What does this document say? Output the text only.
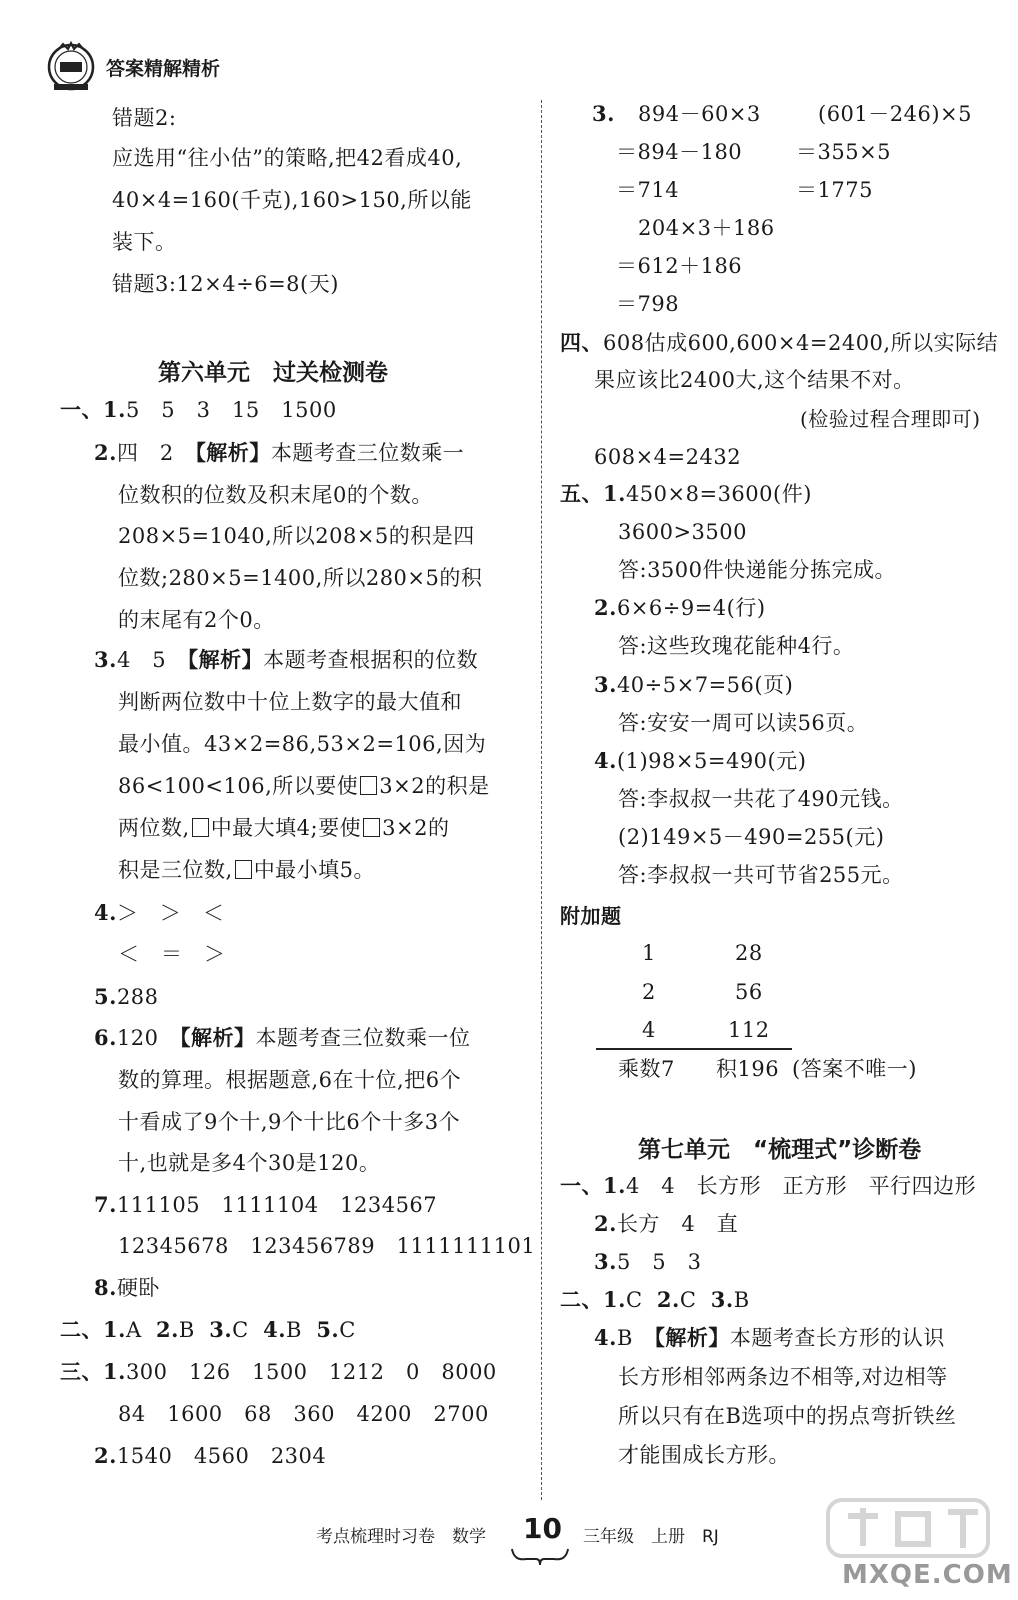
答案精解精析
错题2:
应选用“往小估”的策略,把42看成40,
40×4=160(千克),160>150,所以能
装下。
错题3:12×4÷6=8(天)
第六单元　过关检测卷
一、1.5　5　3　15　1500
2.四　2　【解析】本题考查三位数乘一
位数积的位数及积末尾0的个数。
208×5=1040,所以208×5的积是四
位数;280×5=1400,所以280×5的积
的末尾有2个0。
3.4　5　【解析】本题考查根据积的位数
判断两位数中十位上数字的最大值和
最小值。43×2=86,53×2=106,因为
86<100<106,所以要使 3×2的积是
两位数, 中最大填4;要使 3×2的
积是三位数, 中最小填5。
4.＞　＞　＜
＜　＝　＞
5.288
6.120　【解析】本题考查三位数乘一位
数的算理。根据题意,6在十位,把6个
十看成了9个十,9个十比6个十多3个
十,也就是多4个30是120。
7.111105　1111104　1234567
12345678　123456789　1111111101
8.硬卧
二、1.A 2.B 3.C 4.B 5.C
三、1.300　126　1500　1212　0　8000
84　1600　68　360　4200　2700
2.1540　4560　2304
3. 894－60×3
＝894－180
＝714
(601－246)×5
＝355×5
＝1775
204×3＋186
＝612＋186
＝798
四、608估成600,600×4=2400,所以实际结
果应该比2400大,这个结果不对。
(检验过程合理即可)
608×4=2432
五、1.450×8=3600(件)
3600>3500
答:3500件快递能分拣完成。
2.6×6÷9=4(行)
答:这些玫瑰花能种4行。
3.40÷5×7=56(页)
答:安安一周可以读56页。
4.(1)98×5=490(元)
答:李叔叔一共花了490元钱。
(2)149×5－490=255(元)
答:李叔叔一共可节省255元。
附加题
1	28
2	56
4	112
乘数7 积196 (答案不唯一)
第七单元　“梳理式”诊断卷
一、1.4　4　长方形　正方形　平行四边形
2.长方　4　直
3.5　5　3
二、1.C 2.C 3.B
4.B　【解析】本题考查长方形的认识
长方形相邻两条边不相等,对边相等
所以只有在B选项中的拐点弯折铁丝
才能围成长方形。
考点梳理时习卷　数学 10 三年级　上册　RJ
MXQE.COM
